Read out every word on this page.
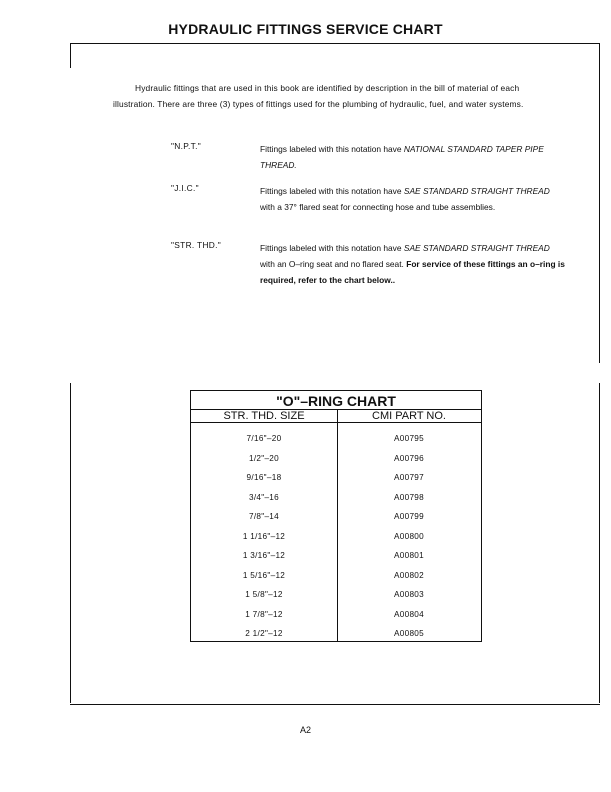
HYDRAULIC FITTINGS SERVICE CHART
Hydraulic fittings that are used in this book are identified by description in the bill of material of each illustration. There are three (3) types of fittings used for the plumbing of hydraulic, fuel, and water systems.
"N.P.T."	Fittings labeled with this notation have NATIONAL STANDARD TAPER PIPE THREAD.
"J.I.C."	Fittings labeled with this notation have SAE STANDARD STRAIGHT THREAD with a 37° flared seat for connecting hose and tube assemblies.
"STR. THD."	Fittings labeled with this notation have SAE STANDARD STRAIGHT THREAD with an O–ring seat and no flared seat. For service of these fittings an o–ring is required, refer to the chart below..
"O"–RING CHART
STR. THD. SIZE	CMI PART NO.
7/16"–20	A00795
1/2"–20	A00796
9/16"–18	A00797
3/4"–16	A00798
7/8"–14	A00799
1 1/16"–12	A00800
1 3/16"–12	A00801
1 5/16"–12	A00802
1 5/8"–12	A00803
1 7/8"–12	A00804
2 1/2"–12	A00805
A2
